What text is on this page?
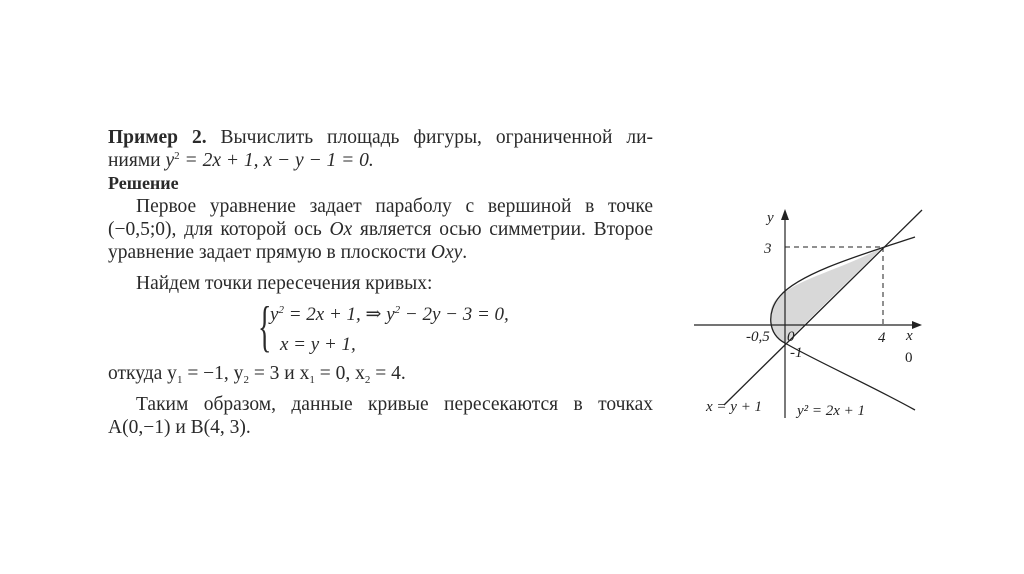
Пример 2. Вычислить площадь фигуры, ограниченной ли-
ниями $y^2 = 2x + 1$, x − y − 1 = 0.
Решение
Первое уравнение задает параболу с вершиной в точке
(−0,5;0), для которой ось Ox является осью симметрии. Второе
уравнение задает прямую в плоскости Oxy.
Найдем точки пересечения кривых:
{
$y^2 = 2x + 1$, ⇒ $y^2 - 2y - 3 = 0$,
x = y + 1,
откуда $y_1 = -1$, $y_2 = 3$ и $x_1 = 0$, $x_2 = 4$.
Таким образом, данные кривые пересекаются в точках
A(0,−1) и B(4, 3).
y
x
3
4
-0,5 0
-1	0
x = y + 1 y² = 2x + 1
